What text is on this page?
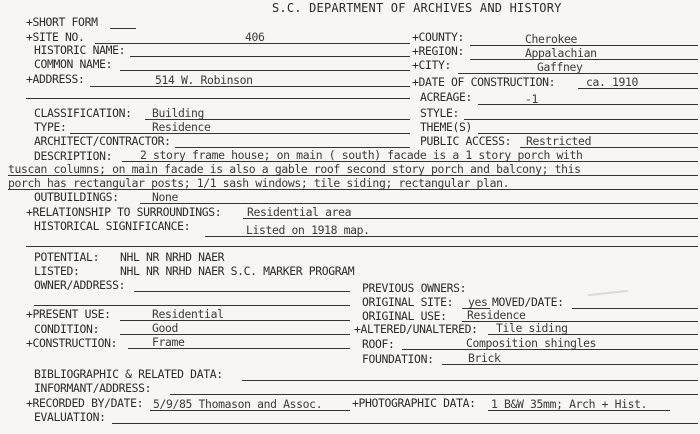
S.C. DEPARTMENT OF ARCHIVES AND HISTORY
+SHORT FORM
+SITE NO.	406	+COUNTY:	Cherokee
HISTORIC NAME:	+REGION:	Appalachian
COMMON NAME:	+CITY:	Gaffney
+ADDRESS:	514 W. Robinson	+DATE OF CONSTRUCTION:	ca. 1910
ACREAGE:	-1
CLASSIFICATION: Building	STYLE:
TYPE:	Residence	THEME(S)
ARCHITECT/CONTRACTOR:	PUBLIC ACCESS: Restricted
DESCRIPTION: 2 story frame house; on main ( south) facade is a 1 story porch with
tuscan columns; on main facade is also a gable roof second story porch and balcony; this
porch has rectangular posts; 1/1 sash windows; tile siding; rectangular plan.
OUTBUILDINGS:	None
+RELATIONSHIP TO SURROUNDINGS: Residential area
HISTORICAL SIGNIFICANCE:	Listed on 1918 map.
POTENTIAL: NHL NR NRHD NAER
LISTED:	NHL NR NRHD NAER S.C. MARKER PROGRAM
OWNER/ADDRESS:	PREVIOUS OWNERS:
ORIGINAL SITE: yes MOVED/DATE:
+PRESENT USE:	Residential	ORIGINAL USE: Residence
CONDITION:	Good	+ALTERED/UNALTERED: Tile siding
+CONSTRUCTION:	Frame	ROOF:	Composition shingles
FOUNDATION:	Brick
BIBLIOGRAPHIC & RELATED DATA:
INFORMANT/ADDRESS:
+RECORDED BY/DATE: 5/9/85 Thomason and Assoc.	+PHOTOGRAPHIC DATA: 1 B&W 35mm; Arch + Hist.
EVALUATION:
